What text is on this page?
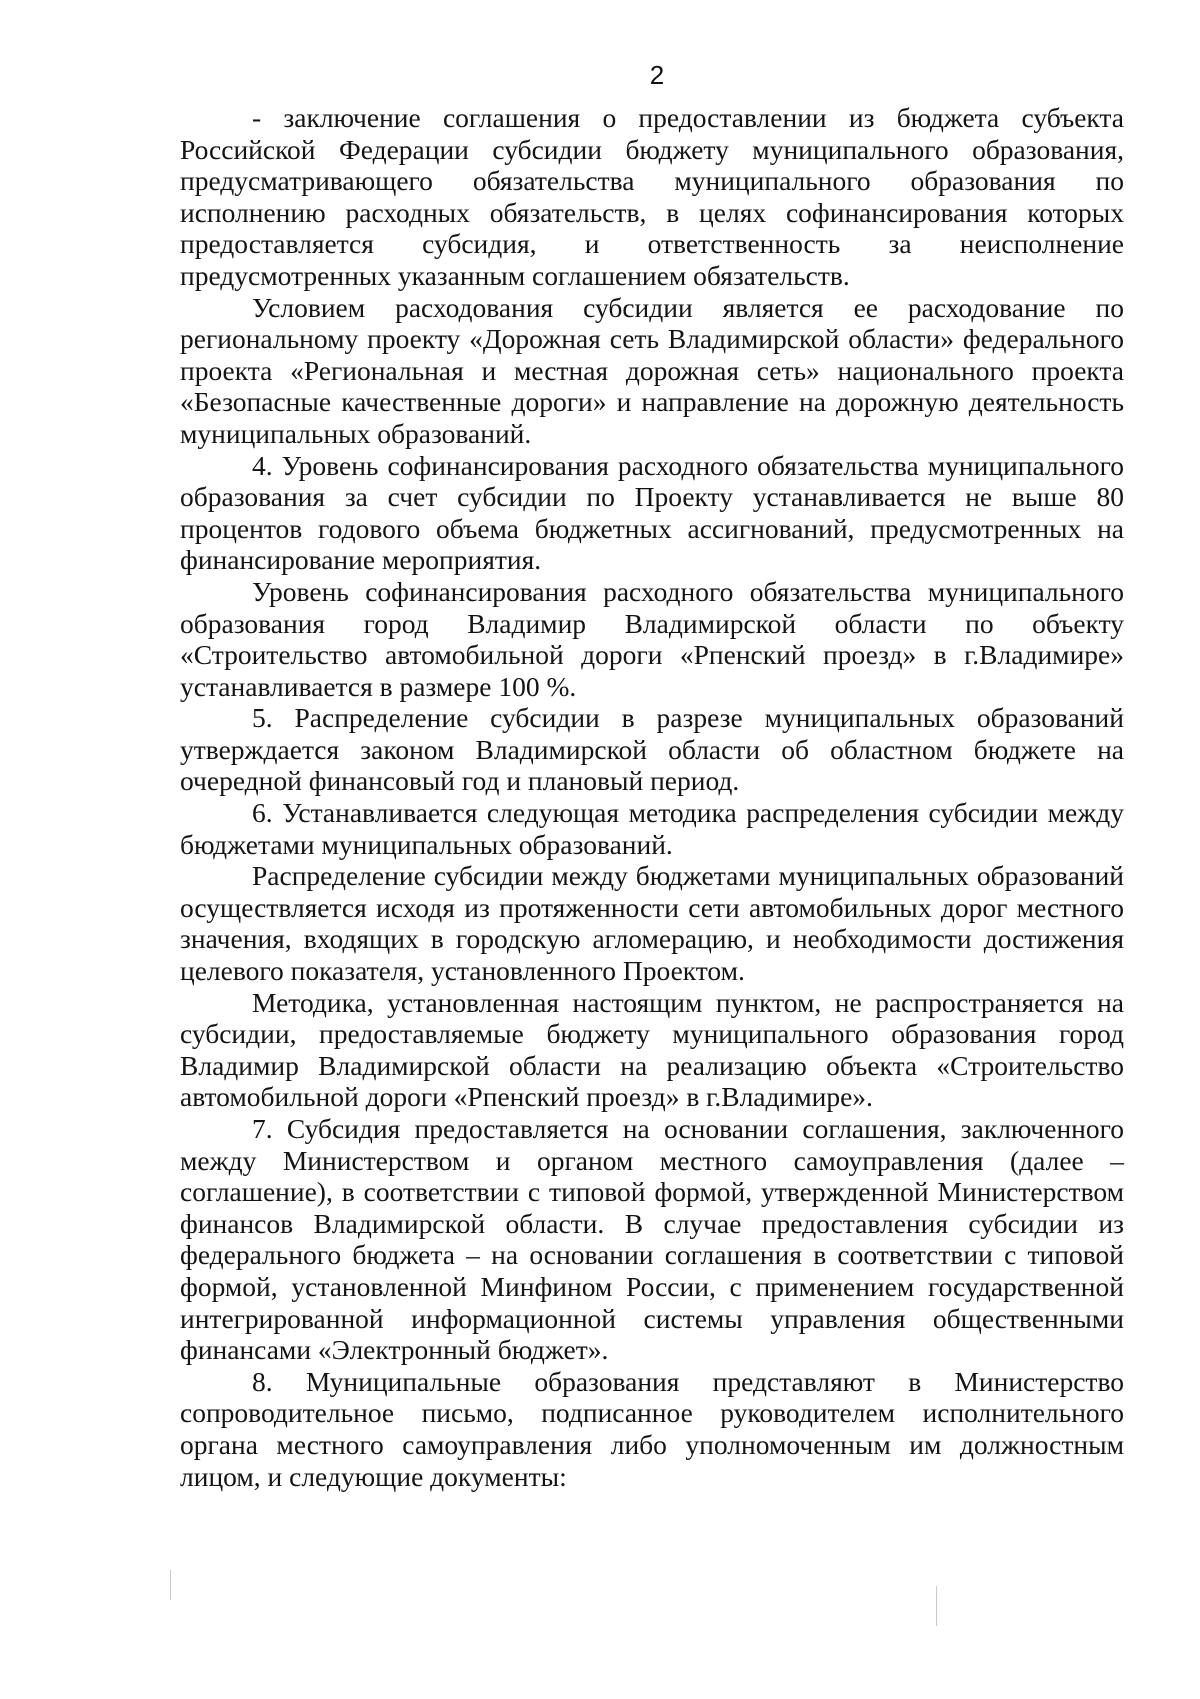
2

- заключение соглашения о предоставлении из бюджета субъекта Российской Федерации субсидии бюджету муниципального образования, предусматривающего обязательства муниципального образования по исполнению расходных обязательств, в целях софинансирования которых предоставляется субсидия, и ответственность за неисполнение предусмотренных указанным соглашением обязательств.

Условием расходования субсидии является ее расходование по региональному проекту «Дорожная сеть Владимирской области» федерального проекта «Региональная и местная дорожная сеть» национального проекта «Безопасные качественные дороги» и направление на дорожную деятельность муниципальных образований.

4. Уровень софинансирования расходного обязательства муниципального образования за счет субсидии по Проекту устанавливается не выше 80 процентов годового объема бюджетных ассигнований, предусмотренных на финансирование мероприятия.

Уровень софинансирования расходного обязательства муниципального образования город Владимир Владимирской области по объекту «Строительство автомобильной дороги «Рпенский проезд» в г.Владимире» устанавливается в размере 100 %.

5. Распределение субсидии в разрезе муниципальных образований утверждается законом Владимирской области об областном бюджете на очередной финансовый год и плановый период.

6. Устанавливается следующая методика распределения субсидии между бюджетами муниципальных образований.

Распределение субсидии между бюджетами муниципальных образований осуществляется исходя из протяженности сети автомобильных дорог местного значения, входящих в городскую агломерацию, и необходимости достижения целевого показателя, установленного Проектом.

Методика, установленная настоящим пунктом, не распространяется на субсидии, предоставляемые бюджету муниципального образования город Владимир Владимирской области на реализацию объекта «Строительство автомобильной дороги «Рпенский проезд» в г.Владимире».

7. Субсидия предоставляется на основании соглашения, заключенного между Министерством и органом местного самоуправления (далее – соглашение), в соответствии с типовой формой, утвержденной Министерством финансов Владимирской области. В случае предоставления субсидии из федерального бюджета – на основании соглашения в соответствии с типовой формой, установленной Минфином России, с применением государственной интегрированной информационной системы управления общественными финансами «Электронный бюджет».

8. Муниципальные образования представляют в Министерство сопроводительное письмо, подписанное руководителем исполнительного органа местного самоуправления либо уполномоченным им должностным лицом, и следующие документы:
